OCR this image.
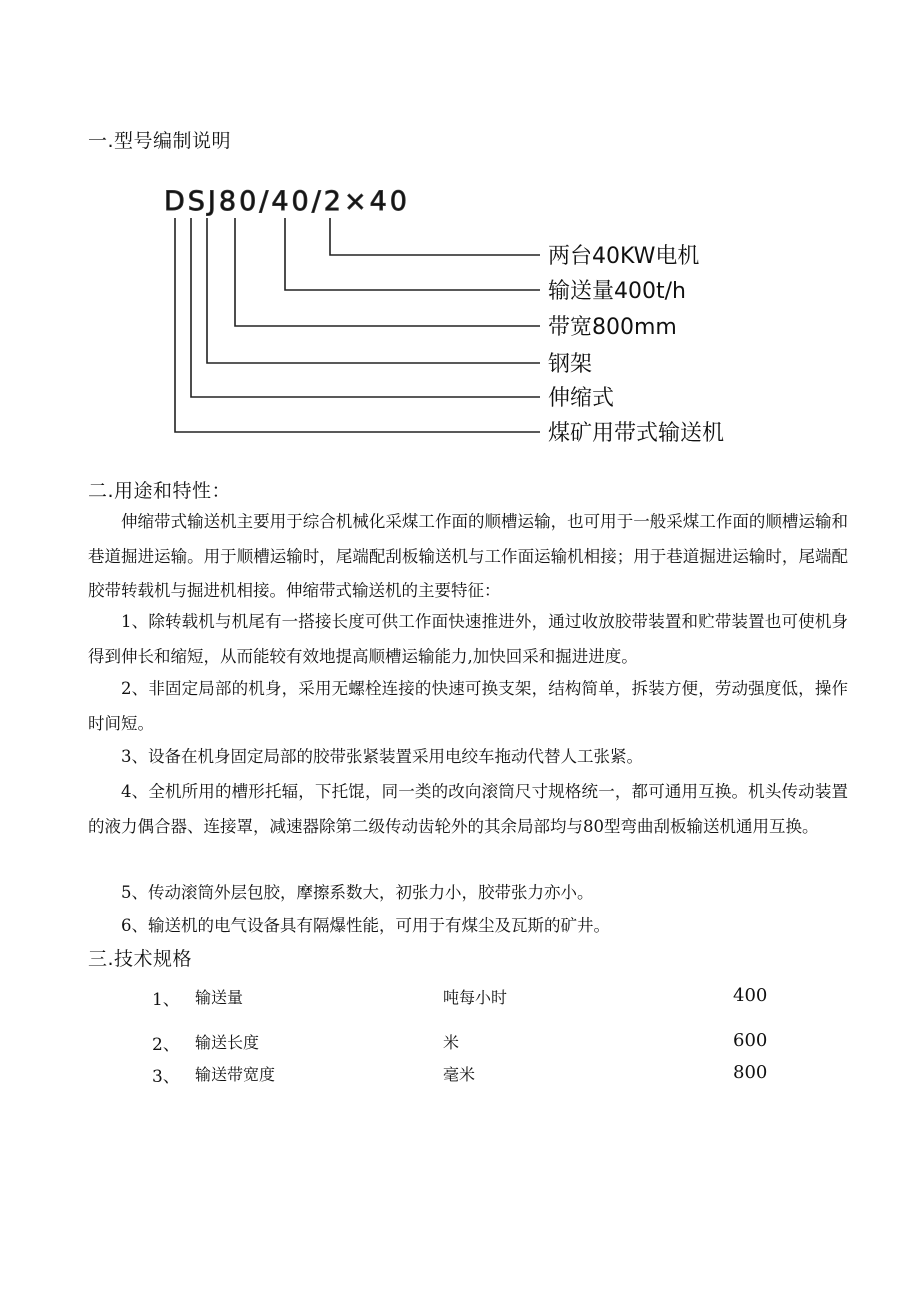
一.型号编制说明
DSJ80/40/2×40
两台40KW电机
输送量400t/h
带宽800mm
钢架
伸缩式
煤矿用带式输送机
二.用途和特性：

伸缩带式输送机主要用于综合机械化采煤工作面的顺槽运输，也可用于一般采煤工作面的顺槽运输和巷道掘进运输。用于顺槽运输时，尾端配刮板输送机与工作面运输机相接；用于巷道掘进运输时，尾端配胶带转载机与掘进机相接。伸缩带式输送机的主要特征：

1、除转载机与机尾有一搭接长度可供工作面快速推进外，通过收放胶带装置和贮带装置也可使机身得到伸长和缩短，从而能较有效地提高顺槽运输能力,加快回采和掘进进度。

2、非固定局部的机身，采用无螺栓连接的快速可换支架，结构简单，拆装方便，劳动强度低，操作时间短。

3、设备在机身固定局部的胶带张紧装置采用电绞车拖动代替人工张紧。

4、全机所用的槽形托辐，下托馄，同一类的改向滚筒尺寸规格统一，都可通用互换。机头传动装置的液力偶合器、连接罩，减速器除第二级传动齿轮外的其余局部均与80型弯曲刮板输送机通用互换。

5、传动滚筒外层包胶，摩擦系数大，初张力小，胶带张力亦小。

6、输送机的电气设备具有隔爆性能，可用于有煤尘及瓦斯的矿井。

三.技术规格
1、 输送量	吨每小时	400
2、 输送长度	米	600
3、 输送带宽度	毫米	800
